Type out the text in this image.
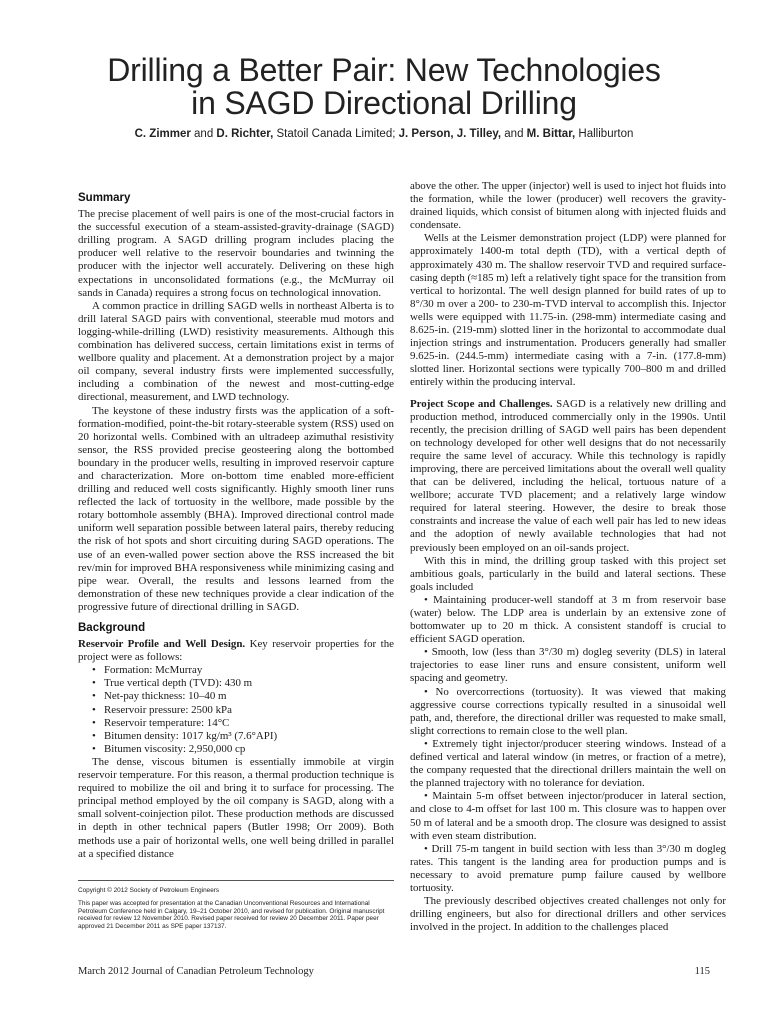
Drilling a Better Pair: New Technologies
in SAGD Directional Drilling
C. Zimmer and D. Richter, Statoil Canada Limited; J. Person, J. Tilley, and M. Bittar, Halliburton
Summary

The precise placement of well pairs is one of the most-crucial factors in the successful execution of a steam-assisted-gravity-drainage (SAGD) drilling program. A SAGD drilling program includes placing the producer well relative to the reservoir boundaries and twinning the producer with the injector well accurately. Delivering on these high expectations in unconsolidated formations (e.g., the McMurray oil sands in Canada) requires a strong focus on technological innovation.

A common practice in drilling SAGD wells in northeast Alberta is to drill lateral SAGD pairs with conventional, steerable mud motors and logging-while-drilling (LWD) resistivity measurements. Although this combination has delivered success, certain limitations exist in terms of wellbore quality and placement. At a demonstration project by a major oil company, several industry firsts were implemented successfully, including a combination of the newest and most-cutting-edge directional, measurement, and LWD technology.

The keystone of these industry firsts was the application of a soft-formation-modified, point-the-bit rotary-steerable system (RSS) used on 20 horizontal wells. Combined with an ultradeep azimuthal resistivity sensor, the RSS provided precise geosteering along the bottombed boundary in the producer wells, resulting in improved reservoir capture and characterization. More on-bottom time enabled more-efficient drilling and reduced well costs significantly. Highly smooth liner runs reflected the lack of tortuosity in the wellbore, made possible by the rotary bottomhole assembly (BHA). Improved directional control made uniform well separation possible between lateral pairs, thereby reducing the risk of hot spots and short circuiting during SAGD operations. The use of an even-walled power section above the RSS increased the bit rev/min for improved BHA responsiveness while minimizing casing and pipe wear. Overall, the results and lessons learned from the demonstration of these new techniques provide a clear indication of the progressive future of directional drilling in SAGD.

Background

Reservoir Profile and Well Design. Key reservoir properties for the project were as follows:

• Formation: McMurray
• True vertical depth (TVD): 430 m
• Net-pay thickness: 10–40 m
• Reservoir pressure: 2500 kPa
• Reservoir temperature: 14°C
• Bitumen density: 1017 kg/m³ (7.6°API)
• Bitumen viscosity: 2,950,000 cp

The dense, viscous bitumen is essentially immobile at virgin reservoir temperature. For this reason, a thermal production technique is required to mobilize the oil and bring it to surface for processing. The principal method employed by the oil company is SAGD, along with a small solvent-coinjection pilot. These production methods are discussed in depth in other technical papers (Butler 1998; Orr 2009). Both methods use a pair of horizontal wells, one well being drilled in parallel at a specified distance

Copyright © 2012 Society of Petroleum Engineers

This paper was accepted for presentation at the Canadian Unconventional Resources and International Petroleum Conference held in Calgary, 19–21 October 2010, and revised for publication. Original manuscript received for review 12 November 2010. Revised paper received for review 20 December 2011. Paper peer approved 21 December 2011 as SPE paper 137137.

above the other. The upper (injector) well is used to inject hot fluids into the formation, while the lower (producer) well recovers the gravity-drained liquids, which consist of bitumen along with injected fluids and condensate.

Wells at the Leismer demonstration project (LDP) were planned for approximately 1400-m total depth (TD), with a vertical depth of approximately 430 m. The shallow reservoir TVD and required surface-casing depth (≈185 m) left a relatively tight space for the transition from vertical to horizontal. The well design planned for build rates of up to 8°/30 m over a 200- to 230-m-TVD interval to accomplish this. Injector wells were equipped with 11.75-in. (298-mm) intermediate casing and 8.625-in. (219-mm) slotted liner in the horizontal to accommodate dual injection strings and instrumentation. Producers generally had smaller 9.625-in. (244.5-mm) intermediate casing with a 7-in. (177.8-mm) slotted liner. Horizontal sections were typically 700–800 m and drilled entirely within the producing interval.

Project Scope and Challenges. SAGD is a relatively new drilling and production method, introduced commercially only in the 1990s. Until recently, the precision drilling of SAGD well pairs has been dependent on technology developed for other well designs that do not necessarily require the same level of accuracy. While this technology is rapidly improving, there are perceived limitations about the overall well quality that can be delivered, including the helical, tortuous nature of a wellbore; accurate TVD placement; and a relatively large window required for lateral steering. However, the desire to break those constraints and increase the value of each well pair has led to new ideas and the adoption of newly available technologies that had not previously been employed on an oil-sands project.

With this in mind, the drilling group tasked with this project set ambitious goals, particularly in the build and lateral sections. These goals included

• Maintaining producer-well standoff at 3 m from reservoir base (water) below. The LDP area is underlain by an extensive zone of bottomwater up to 20 m thick. A consistent standoff is crucial to efficient SAGD operation.

• Smooth, low (less than 3°/30 m) dogleg severity (DLS) in lateral trajectories to ease liner runs and ensure consistent, uniform well spacing and geometry.

• No overcorrections (tortuosity). It was viewed that making aggressive course corrections typically resulted in a sinusoidal well path, and, therefore, the directional driller was requested to make small, slight corrections to remain close to the well plan.

• Extremely tight injector/producer steering windows. Instead of a defined vertical and lateral window (in metres, or fraction of a metre), the company requested that the directional drillers maintain the well on the planned trajectory with no tolerance for deviation.

• Maintain 5-m offset between injector/producer in lateral section, and close to 4-m offset for last 100 m. This closure was to happen over 50 m of lateral and be a smooth drop. The closure was designed to assist with even steam distribution.

• Drill 75-m tangent in build section with less than 3°/30 m dogleg rates. This tangent is the landing area for production pumps and is necessary to avoid premature pump failure caused by wellbore tortuosity.

The previously described objectives created challenges not only for drilling engineers, but also for directional drillers and other services involved in the project. In addition to the challenges placed

March 2012 Journal of Canadian Petroleum Technology	115
